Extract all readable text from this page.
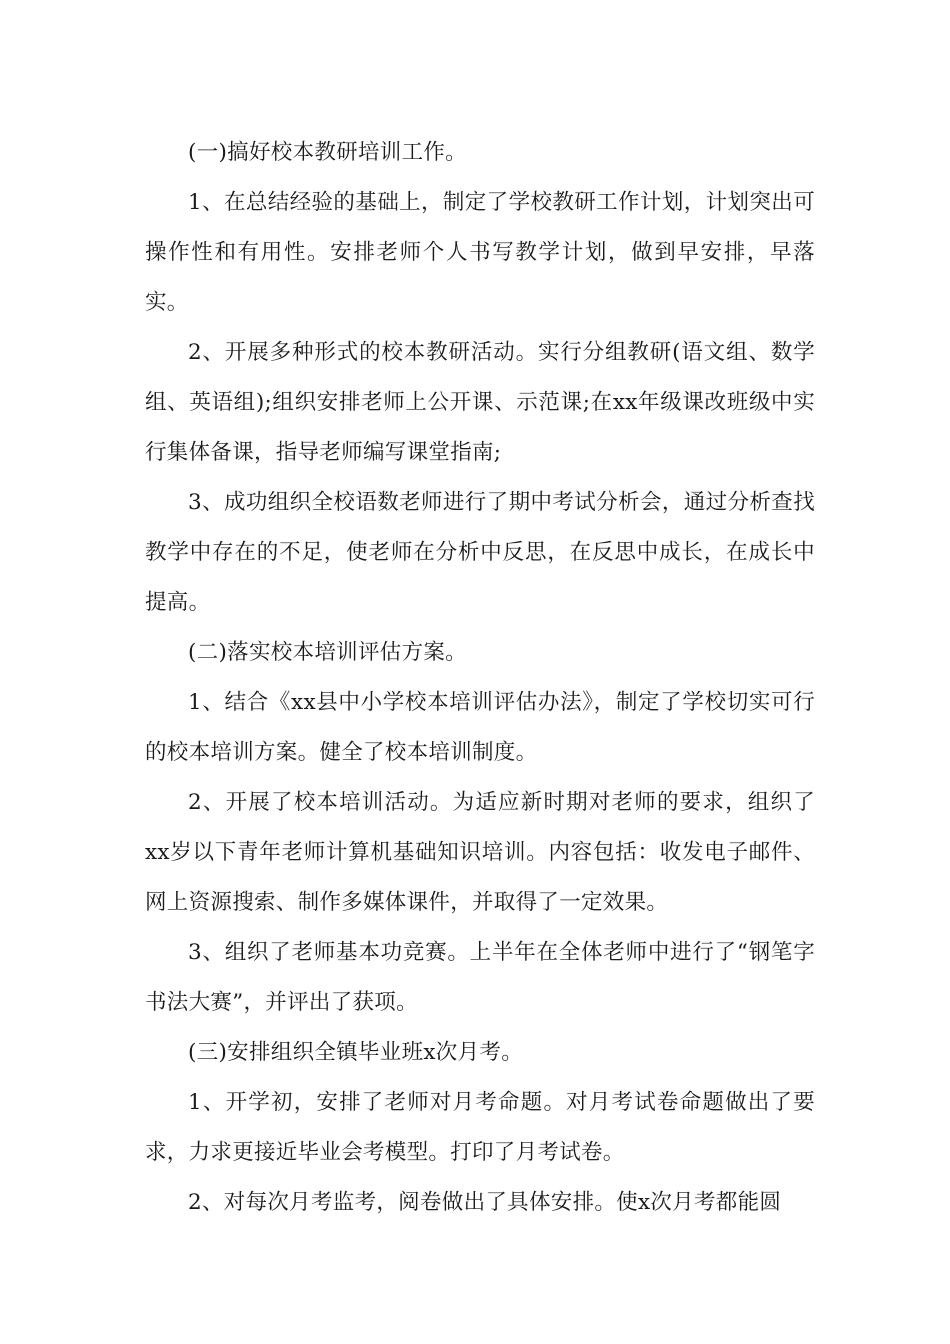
(一)搞好校本教研培训工作。

1、在总结经验的基础上，制定了学校教研工作计划，计划突出可操作性和有用性。安排老师个人书写教学计划，做到早安排，早落实。

2、开展多种形式的校本教研活动。实行分组教研(语文组、数学组、英语组);组织安排老师上公开课、示范课;在xx年级课改班级中实行集体备课，指导老师编写课堂指南;

3、成功组织全校语数老师进行了期中考试分析会，通过分析查找教学中存在的不足，使老师在分析中反思，在反思中成长，在成长中提高。

(二)落实校本培训评估方案。

1、结合《xx县中小学校本培训评估办法》，制定了学校切实可行的校本培训方案。健全了校本培训制度。

2、开展了校本培训活动。为适应新时期对老师的要求，组织了xx岁以下青年老师计算机基础知识培训。内容包括：收发电子邮件、网上资源搜索、制作多媒体课件，并取得了一定效果。

3、组织了老师基本功竞赛。上半年在全体老师中进行了“钢笔字书法大赛”，并评出了获项。

(三)安排组织全镇毕业班x次月考。

1、开学初，安排了老师对月考命题。对月考试卷命题做出了要求，力求更接近毕业会考模型。打印了月考试卷。

2、对每次月考监考，阅卷做出了具体安排。使x次月考都能圆
